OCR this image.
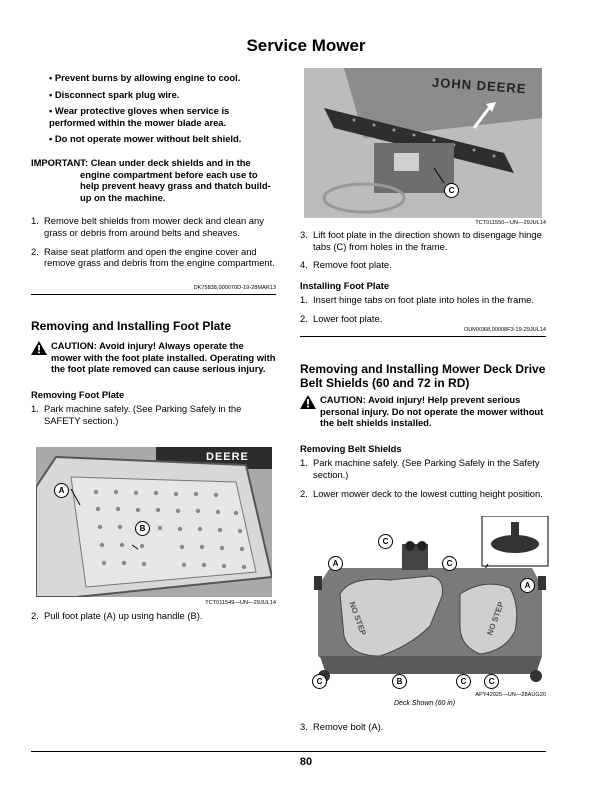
Service Mower
• Prevent burns by allowing engine to cool.
• Disconnect spark plug wire.
• Wear protective gloves when service is performed within the mower blade area.
• Do not operate mower without belt shield.
IMPORTANT: Clean under deck shields and in the engine compartment before each use to help prevent heavy grass and thatch build-up on the machine.
1. Remove belt shields from mower deck and clean any grass or debris from around belts and sheaves.
2. Raise seat platform and open the engine cover and remove grass and debris from the engine compartment.
DK75838,000070D-19-28MAR13
Removing and Installing Foot Plate
CAUTION: Avoid injury! Always operate the mower with the foot plate installed. Operating with the foot plate removed can cause serious injury.
Removing Foot Plate
1. Park machine safely. (See Parking Safely in the SAFETY section.)
DEERE
A
B
TCT011549—UN—29JUL14
2. Pull foot plate (A) up using handle (B).
JOHN DEERE
C
TCT011550—UN—29JUL14
3. Lift foot plate in the direction shown to disengage hinge tabs (C) from holes in the frame.
4. Remove foot plate.
Installing Foot Plate
1. Insert hinge tabs on foot plate into holes in the frame.
2. Lower foot plate.
OUMX068,00008F3-19-29JUL14
Removing and Installing Mower Deck Drive Belt Shields (60 and 72 in RD)
CAUTION: Avoid injury! Help prevent serious personal injury. Do not operate the mower without the belt shields installed.
Removing Belt Shields
1. Park machine safely. (See Parking Safely in the Safety section.)
2. Lower mower deck to the lowest cutting height position.
NO STEP	NO STEP
A
A
B
C
C
C	C	C
APY42025—UN—28AUG20
Deck Shown (60 in)
3. Remove bolt (A).
80
